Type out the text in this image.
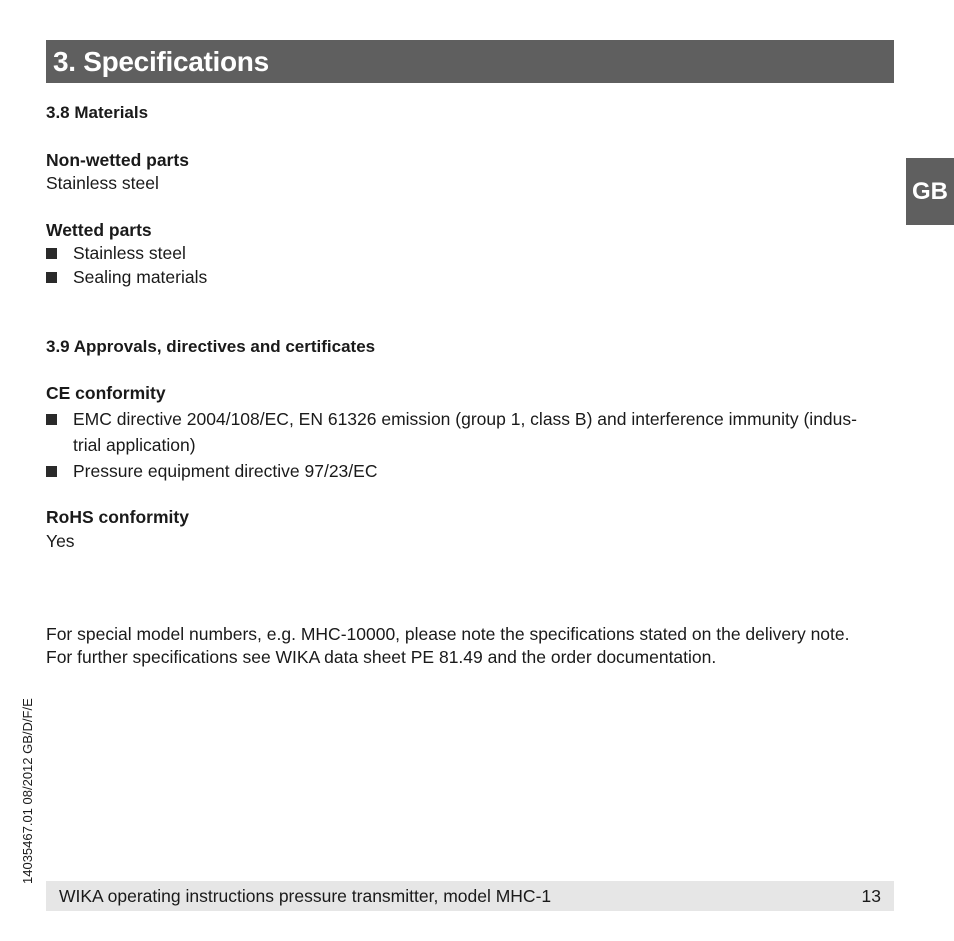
3. Specifications
GB
3.8 Materials
Non-wetted parts
Stainless steel
Wetted parts
Stainless steel
Sealing materials
3.9 Approvals, directives and certificates
CE conformity
EMC directive 2004/108/EC, EN 61326 emission (group 1, class B) and interference immunity (indus-
trial application)
Pressure equipment directive 97/23/EC
RoHS conformity
Yes
For special model numbers, e.g. MHC-10000, please note the specifications stated on the delivery note.
For further specifications see WIKA data sheet PE 81.49 and the order documentation.
14035467.01 08/2012 GB/D/F/E
WIKA operating instructions pressure transmitter, model MHC-1	13
